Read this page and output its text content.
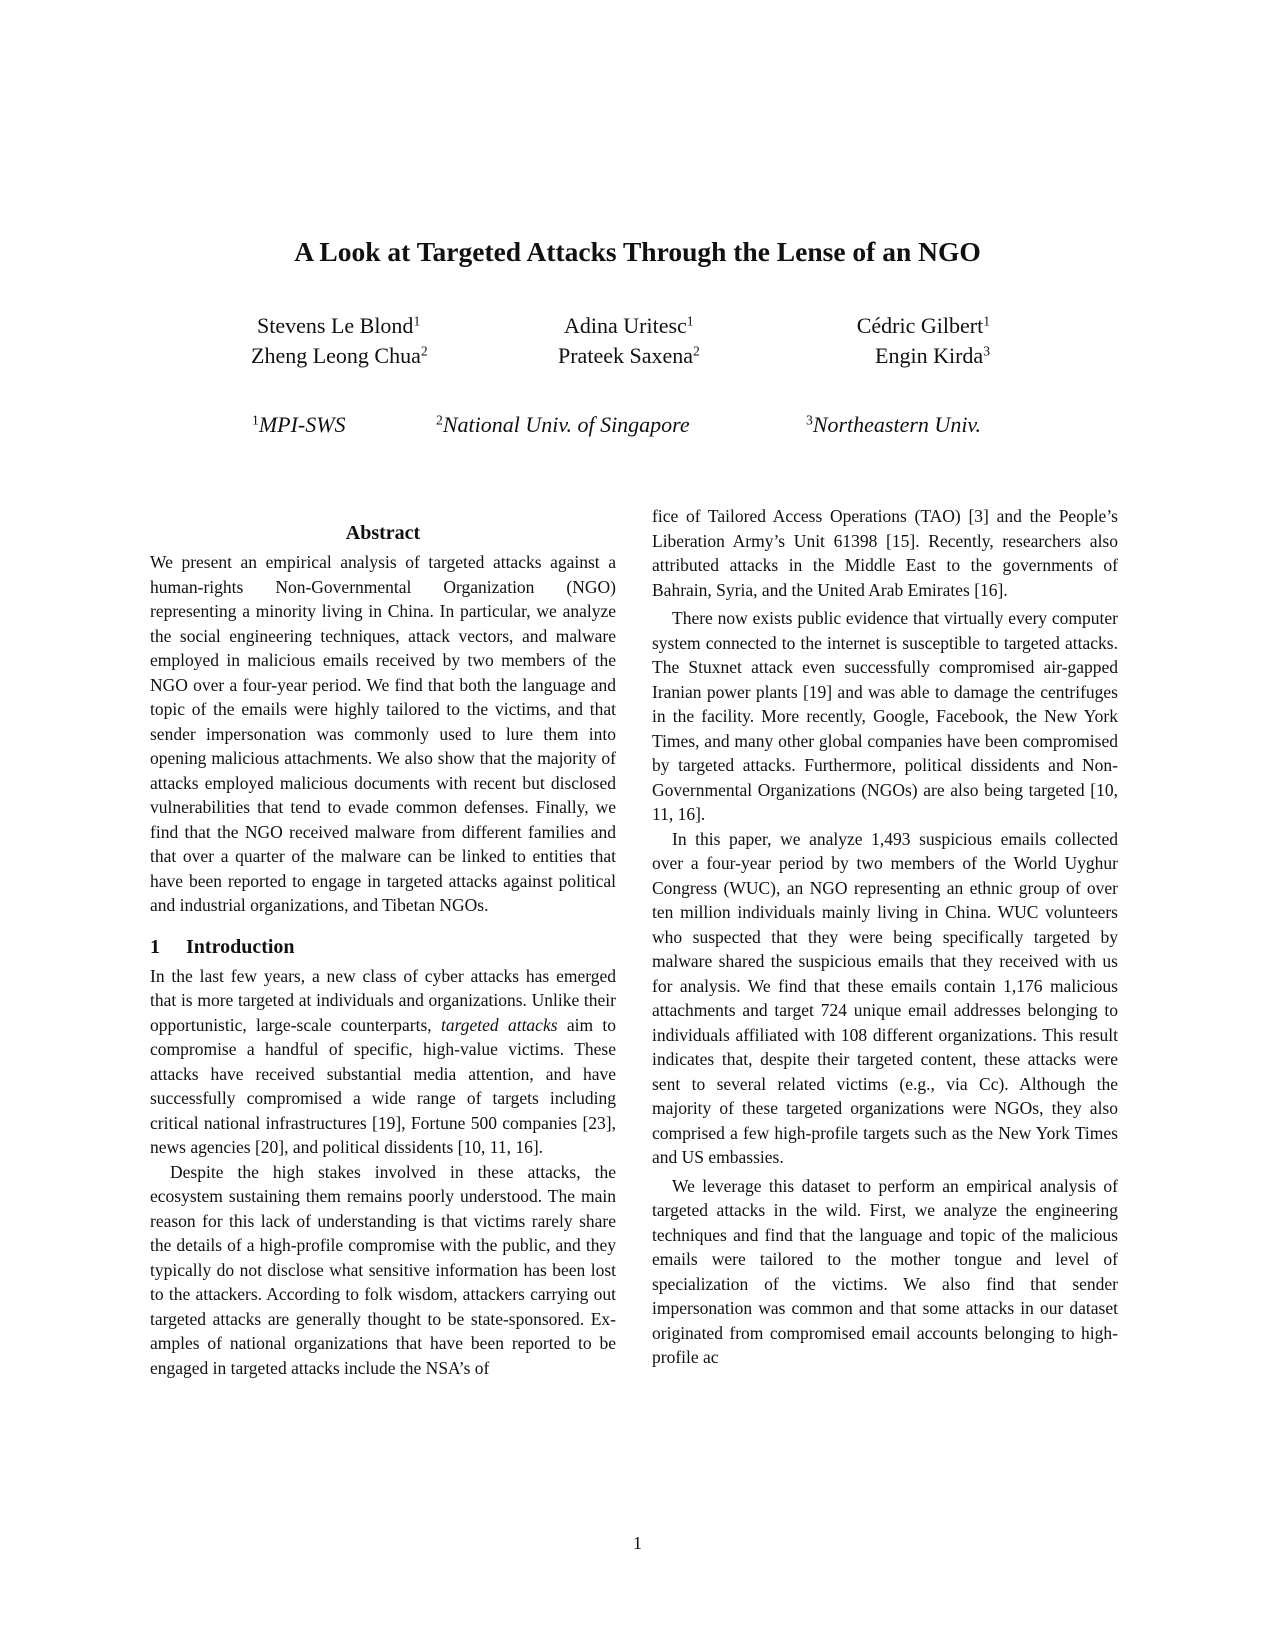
A Look at Targeted Attacks Through the Lense of an NGO
Stevens Le Blond$^1$
Zheng Leong Chua$^2$
Adina Uritesc$^1$
Prateek Saxena$^2$
Cédric Gilbert$^1$
Engin Kirda$^3$
$^1$MPI-SWS	$^2$National Univ. of Singapore	$^3$Northeastern Univ.
Abstract

We present an empirical analysis of targeted attacks against a human-rights Non-Governmental Organization (NGO) representing a minority living in China. In particular, we analyze the social engineering techniques, attack vectors, and malware employed in malicious emails received by two members of the NGO over a four-year period. We find that both the language and topic of the emails were highly tailored to the victims, and that sender impersonation was commonly used to lure them into opening malicious attachments. We also show that the majority of attacks employed malicious documents with recent but disclosed vulnerabilities that tend to evade common defenses. Finally, we find that the NGO received malware from different families and that over a quarter of the malware can be linked to entities that have been reported to engage in targeted attacks against political and industrial organizations, and Tibetan NGOs.

1 Introduction

In the last few years, a new class of cyber attacks has emerged that is more targeted at individuals and organizations. Unlike their opportunistic, large-scale counterparts, targeted attacks aim to compromise a handful of specific, high-value victims. These attacks have received substantial media attention, and have successfully compromised a wide range of targets including critical national infrastructures [19], Fortune 500 companies [23], news agencies [20], and political dissidents [10, 11, 16].

Despite the high stakes involved in these attacks, the ecosystem sustaining them remains poorly understood. The main reason for this lack of understanding is that victims rarely share the details of a high-profile compromise with the public, and they typically do not disclose what sensitive information has been lost to the attackers. According to folk wisdom, attackers carrying out targeted attacks are generally thought to be state-sponsored. Examples of national organizations that have been reported to be engaged in targeted attacks include the NSA’s of

fice of Tailored Access Operations (TAO) [3] and the People’s Liberation Army’s Unit 61398 [15]. Recently, researchers also attributed attacks in the Middle East to the governments of Bahrain, Syria, and the United Arab Emirates [16].

There now exists public evidence that virtually every computer system connected to the internet is susceptible to targeted attacks. The Stuxnet attack even successfully compromised air-gapped Iranian power plants [19] and was able to damage the centrifuges in the facility. More recently, Google, Facebook, the New York Times, and many other global companies have been compromised by targeted attacks. Furthermore, political dissidents and Non-Governmental Organizations (NGOs) are also being targeted [10, 11, 16].

In this paper, we analyze 1,493 suspicious emails collected over a four-year period by two members of the World Uyghur Congress (WUC), an NGO representing an ethnic group of over ten million individuals mainly living in China. WUC volunteers who suspected that they were being specifically targeted by malware shared the suspicious emails that they received with us for analysis. We find that these emails contain 1,176 malicious attachments and target 724 unique email addresses belonging to individuals affiliated with 108 different organizations. This result indicates that, despite their targeted content, these attacks were sent to several related victims (e.g., via Cc). Although the majority of these targeted organizations were NGOs, they also comprised a few high-profile targets such as the New York Times and US embassies.

We leverage this dataset to perform an empirical analysis of targeted attacks in the wild. First, we analyze the engineering techniques and find that the language and topic of the malicious emails were tailored to the mother tongue and level of specialization of the victims. We also find that sender impersonation was common and that some attacks in our dataset originated from compromised email accounts belonging to high-profile ac

1
